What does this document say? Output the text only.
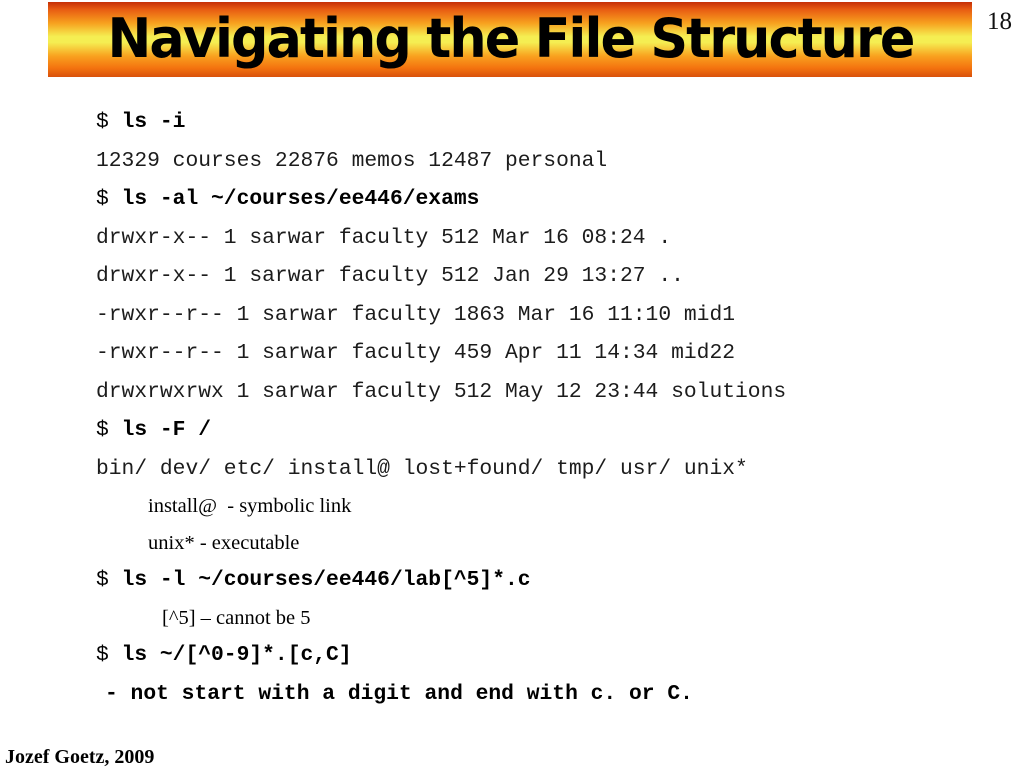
Navigating the File Structure	18
$ ls -i
12329 courses 22876 memos 12487 personal
$ ls -al ~/courses/ee446/exams
drwxr-x-- 1 sarwar faculty 512 Mar 16 08:24 .
drwxr-x-- 1 sarwar faculty 512 Jan 29 13:27 ..
-rwxr--r-- 1 sarwar faculty 1863 Mar 16 11:10 mid1
-rwxr--r-- 1 sarwar faculty 459 Apr 11 14:34 mid22
drwxrwxrwx 1 sarwar faculty 512 May 12 23:44 solutions
$ ls -F /
bin/ dev/ etc/ install@ lost+found/ tmp/ usr/ unix*
install@  - symbolic link
unix* - executable
$ ls -l ~/courses/ee446/lab[^5]*.c
[^5] – cannot be 5
$ ls ~/[^0-9]*.[c,C]
- not start with a digit and end with c. or C.
Jozef Goetz, 2009
